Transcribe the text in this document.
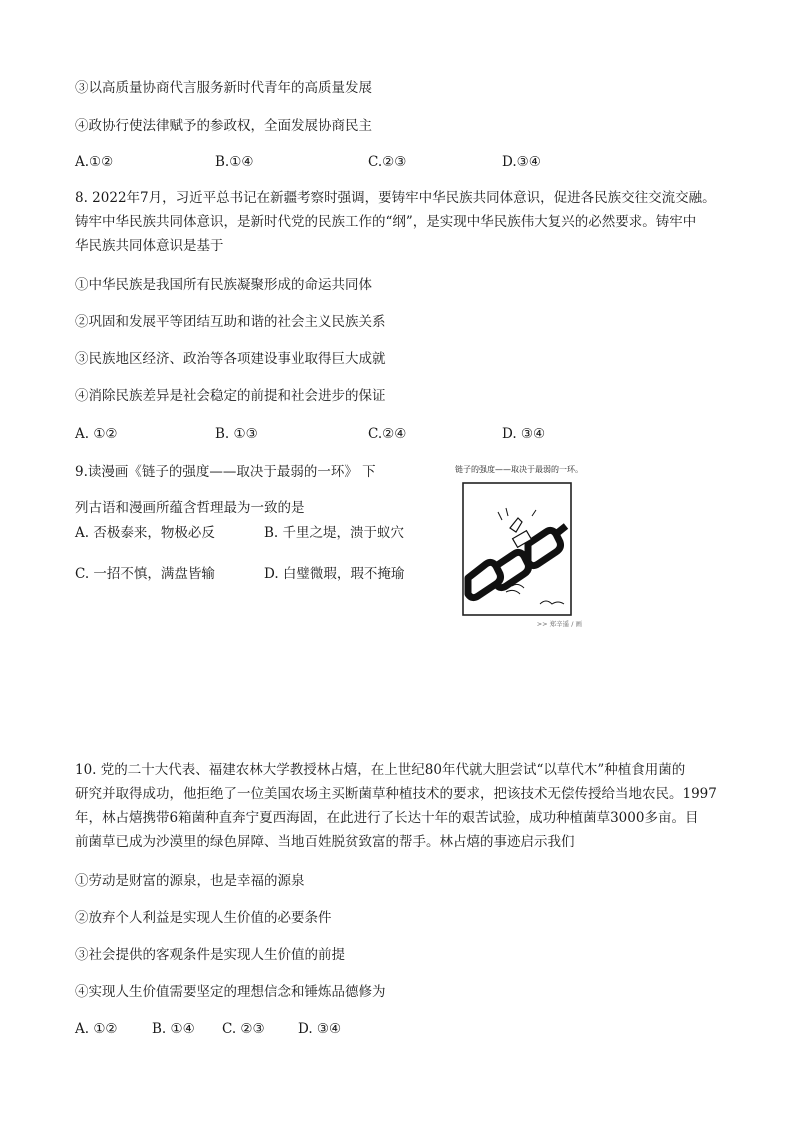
③以高质量协商代言服务新时代青年的高质量发展
④政协行使法律赋予的参政权，全面发展协商民主
A.①②	B.①④	C.②③	D.③④
8. 2022年7月，习近平总书记在新疆考察时强调，要铸牢中华民族共同体意识，促进各民族交往交流交融。
铸牢中华民族共同体意识，是新时代党的民族工作的“纲”，是实现中华民族伟大复兴的必然要求。铸牢中
华民族共同体意识是基于
①中华民族是我国所有民族凝聚形成的命运共同体
②巩固和发展平等团结互助和谐的社会主义民族关系
③民族地区经济、政治等各项建设事业取得巨大成就
④消除民族差异是社会稳定的前提和社会进步的保证
A. ①②	B. ①③	C.②④	D. ③④
9.读漫画《链子的强度——取决于最弱的一环》 下
列古语和漫画所蕴含哲理最为一致的是
A. 否极泰来，物极必反	B. 千里之堤，溃于蚁穴
C. 一招不慎，满盘皆输	D. 白璧微瑕，瑕不掩瑜
链子的强度——取决于最弱的一环。
>> 郑辛遥 / 画
10. 党的二十大代表、福建农林大学教授林占熺，在上世纪80年代就大胆尝试“以草代木”种植食用菌的
研究并取得成功，他拒绝了一位美国农场主买断菌草种植技术的要求，把该技术无偿传授给当地农民。1997
年，林占熺携带6箱菌种直奔宁夏西海固，在此进行了长达十年的艰苦试验，成功种植菌草3000多亩。目
前菌草已成为沙漠里的绿色屏障、当地百姓脱贫致富的帮手。林占熺的事迹启示我们
①劳动是财富的源泉，也是幸福的源泉
②放弃个人利益是实现人生价值的必要条件
③社会提供的客观条件是实现人生价值的前提
④实现人生价值需要坚定的理想信念和锤炼品德修为
A. ①②	B. ①④ C. ②③ D. ③④
